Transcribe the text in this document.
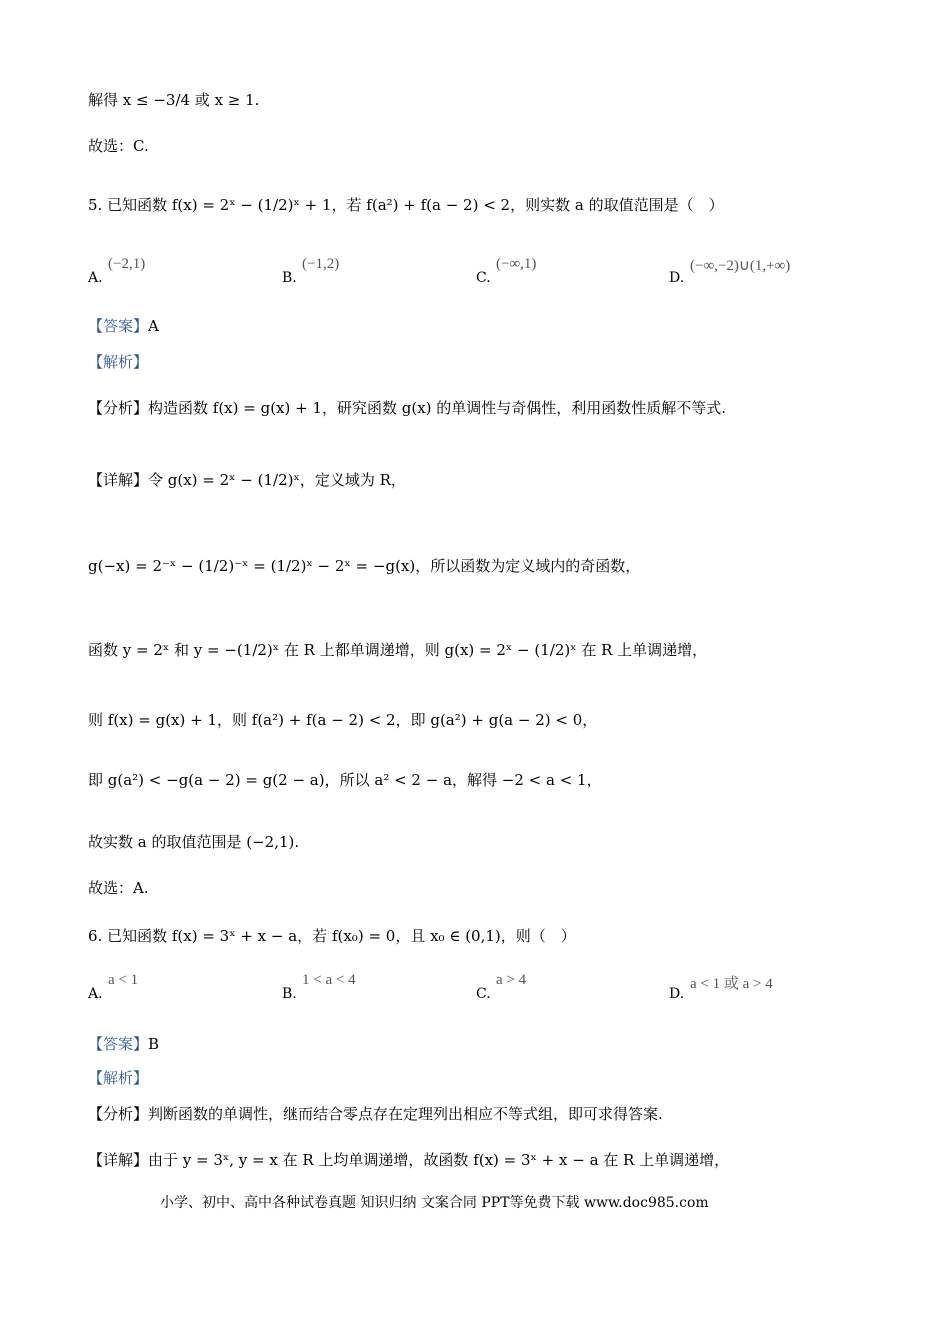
解得 x ≤ −3/4 或 x ≥ 1.
故选：C.
5. 已知函数 f(x) = 2ˣ − (1/2)ˣ + 1，若 f(a²) + f(a − 2) < 2，则实数 a 的取值范围是（　）
A.
(−2,1)
B.
(−1,2)
C.
(−∞,1)
D.
(−∞,−2)∪(1,+∞)
【答案】A
【解析】
【分析】构造函数 f(x) = g(x) + 1，研究函数 g(x) 的单调性与奇偶性，利用函数性质解不等式.
【详解】令 g(x) = 2ˣ − (1/2)ˣ，定义域为 R，
g(−x) = 2⁻ˣ − (1/2)⁻ˣ = (1/2)ˣ − 2ˣ = −g(x)，所以函数为定义域内的奇函数，
函数 y = 2ˣ 和 y = −(1/2)ˣ 在 R 上都单调递增，则 g(x) = 2ˣ − (1/2)ˣ 在 R 上单调递增，
则 f(x) = g(x) + 1，则 f(a²) + f(a − 2) < 2，即 g(a²) + g(a − 2) < 0，
即 g(a²) < −g(a − 2) = g(2 − a)，所以 a² < 2 − a，解得 −2 < a < 1，
故实数 a 的取值范围是 (−2,1).
故选：A.
6. 已知函数 f(x) = 3ˣ + x − a，若 f(x₀) = 0，且 x₀ ∈ (0,1)，则（　）
A.
a < 1
B.
1 < a < 4
C.
a > 4
D.
a < 1 或 a > 4
【答案】B
【解析】
【分析】判断函数的单调性，继而结合零点存在定理列出相应不等式组，即可求得答案.
【详解】由于 y = 3ˣ, y = x 在 R 上均单调递增，故函数 f(x) = 3ˣ + x − a 在 R 上单调递增，
小学、初中、高中各种试卷真题 知识归纳 文案合同 PPT等免费下载 www.doc985.com
